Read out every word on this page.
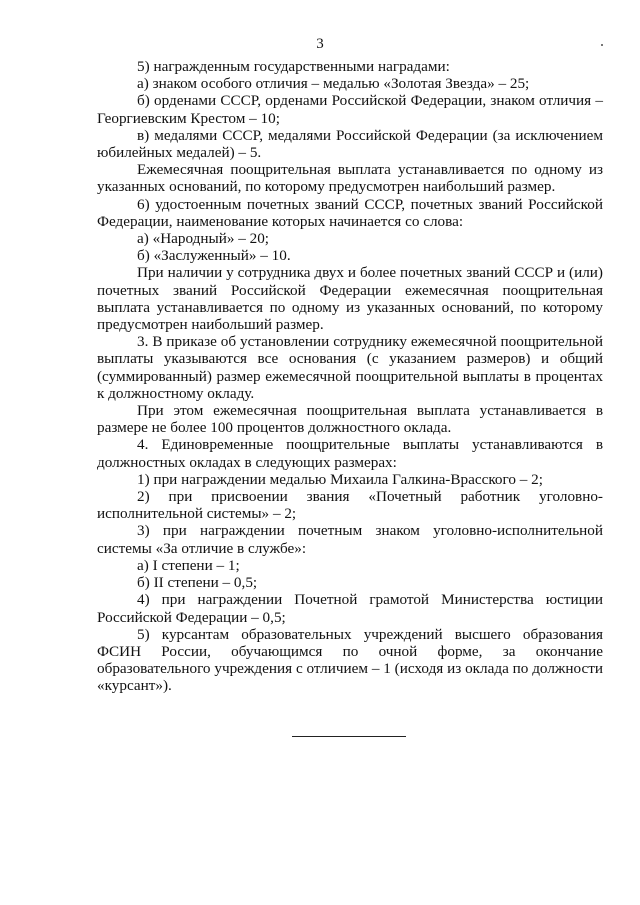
3

5) награжденным государственными наградами:

а) знаком особого отличия – медалью «Золотая Звезда» – 25;

б) орденами СССР, орденами Российской Федерации, знаком отличия – Георгиевским Крестом – 10;

в) медалями СССР, медалями Российской Федерации (за исключением юбилейных медалей) – 5.

Ежемесячная поощрительная выплата устанавливается по одному из указанных оснований, по которому предусмотрен наибольший размер.

6) удостоенным почетных званий СССР, почетных званий Российской Федерации, наименование которых начинается со слова:

а) «Народный» – 20;

б) «Заслуженный» – 10.

При наличии у сотрудника двух и более почетных званий СССР и (или) почетных званий Российской Федерации ежемесячная поощрительная выплата устанавливается по одному из указанных оснований, по которому предусмотрен наибольший размер.

3. В приказе об установлении сотруднику ежемесячной поощрительной выплаты указываются все основания (с указанием размеров) и общий (суммированный) размер ежемесячной поощрительной выплаты в процентах к должностному окладу.

При этом ежемесячная поощрительная выплата устанавливается в размере не более 100 процентов должностного оклада.

4. Единовременные поощрительные выплаты устанавливаются в должностных окладах в следующих размерах:

1) при награждении медалью Михаила Галкина-Врасского – 2;

2) при присвоении звания «Почетный работник уголовно-исполнительной системы» – 2;

3) при награждении почетным знаком уголовно-исполнительной системы «За отличие в службе»:

а) I степени – 1;

б) II степени – 0,5;

4) при награждении Почетной грамотой Министерства юстиции Российской Федерации – 0,5;

5) курсантам образовательных учреждений высшего образования ФСИН России, обучающимся по очной форме, за окончание образовательного учреждения с отличием – 1 (исходя из оклада по должности «курсант»).
